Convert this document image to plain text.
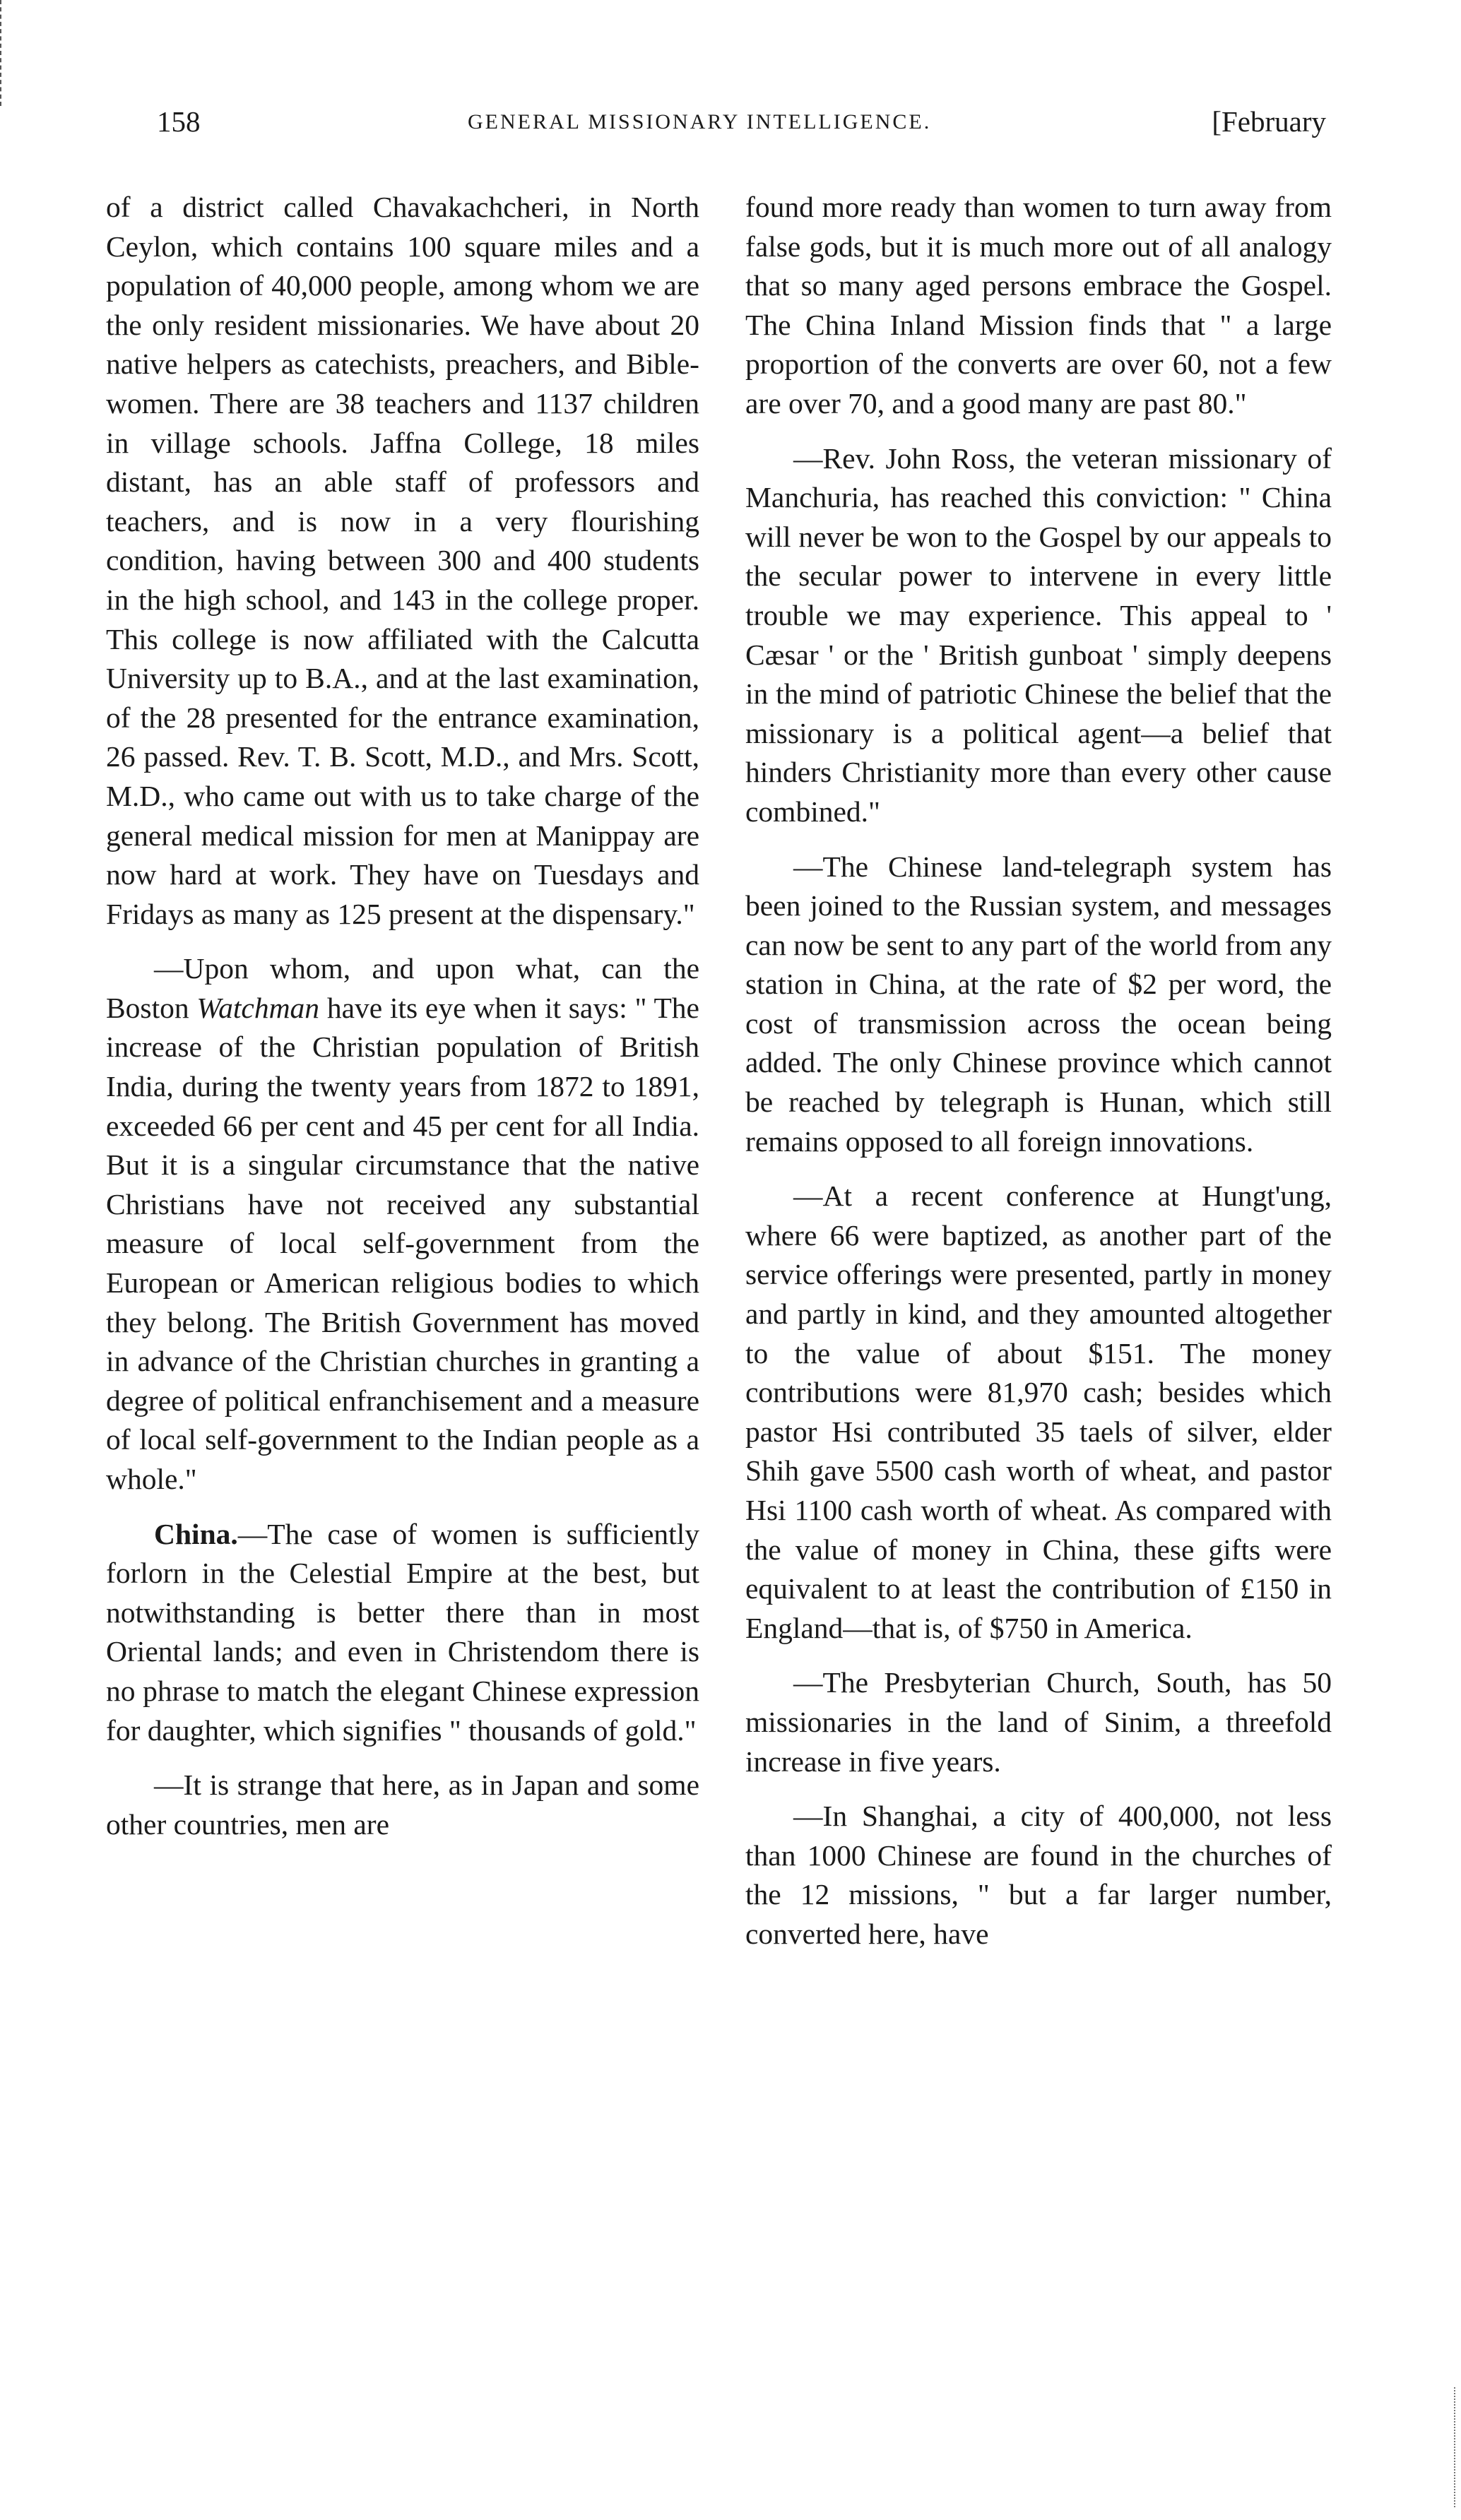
158	GENERAL MISSIONARY INTELLIGENCE.	[February

of a district called Chavakachcheri, in North Ceylon, which contains 100 square miles and a population of 40,000 people, among whom we are the only resident missionaries. We have about 20 native helpers as catechists, preachers, and Bible-women. There are 38 teachers and 1137 children in village schools. Jaffna College, 18 miles distant, has an able staff of professors and teachers, and is now in a very flourishing condition, having between 300 and 400 students in the high school, and 143 in the college proper. This college is now affiliated with the Calcutta University up to B.A., and at the last examination, of the 28 presented for the entrance examination, 26 passed. Rev. T. B. Scott, M.D., and Mrs. Scott, M.D., who came out with us to take charge of the general medical mission for men at Manippay are now hard at work. They have on Tuesdays and Fridays as many as 125 present at the dispensary."

—Upon whom, and upon what, can the Boston Watchman have its eye when it says: " The increase of the Christian population of British India, during the twenty years from 1872 to 1891, exceeded 66 per cent and 45 per cent for all India. But it is a singular circumstance that the native Christians have not received any substantial measure of local self-government from the European or American religious bodies to which they belong. The British Government has moved in advance of the Christian churches in granting a degree of political enfranchisement and a measure of local self-government to the Indian people as a whole."

China.—The case of women is sufficiently forlorn in the Celestial Empire at the best, but notwithstanding is better there than in most Oriental lands; and even in Christendom there is no phrase to match the elegant Chinese expression for daughter, which signifies " thousands of gold."

—It is strange that here, as in Japan and some other countries, men are

found more ready than women to turn away from false gods, but it is much more out of all analogy that so many aged persons embrace the Gospel. The China Inland Mission finds that " a large proportion of the converts are over 60, not a few are over 70, and a good many are past 80."

—Rev. John Ross, the veteran missionary of Manchuria, has reached this conviction: " China will never be won to the Gospel by our appeals to the secular power to intervene in every little trouble we may experience. This appeal to ' Cæsar ' or the ' British gunboat ' simply deepens in the mind of patriotic Chinese the belief that the missionary is a political agent—a belief that hinders Christianity more than every other cause combined."

—The Chinese land-telegraph system has been joined to the Russian system, and messages can now be sent to any part of the world from any station in China, at the rate of $2 per word, the cost of transmission across the ocean being added. The only Chinese province which cannot be reached by telegraph is Hunan, which still remains opposed to all foreign innovations.

—At a recent conference at Hungt'ung, where 66 were baptized, as another part of the service offerings were presented, partly in money and partly in kind, and they amounted altogether to the value of about $151. The money contributions were 81,970 cash; besides which pastor Hsi contributed 35 taels of silver, elder Shih gave 5500 cash worth of wheat, and pastor Hsi 1100 cash worth of wheat. As compared with the value of money in China, these gifts were equivalent to at least the contribution of £150 in England—that is, of $750 in America.

—The Presbyterian Church, South, has 50 missionaries in the land of Sinim, a threefold increase in five years.

—In Shanghai, a city of 400,000, not less than 1000 Chinese are found in the churches of the 12 missions, " but a far larger number, converted here, have
